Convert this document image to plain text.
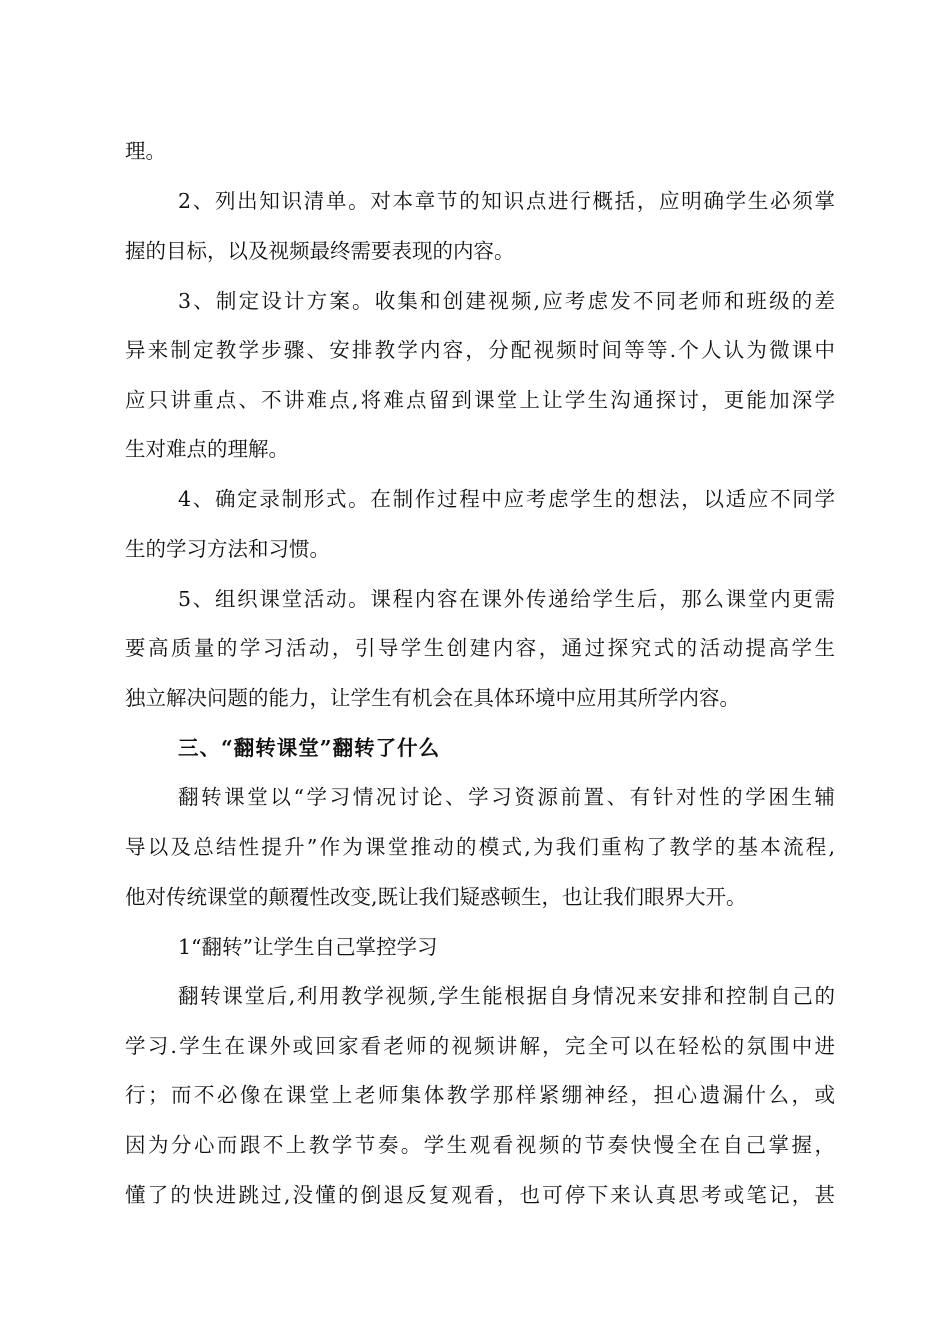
理。
2、列出知识清单。对本章节的知识点进行概括，应明确学生必须掌
握的目标，以及视频最终需要表现的内容。
3、制定设计方案。收集和创建视频,应考虑发不同老师和班级的差
异来制定教学步骤、安排教学内容，分配视频时间等等.个人认为微课中
应只讲重点、不讲难点,将难点留到课堂上让学生沟通探讨，更能加深学
生对难点的理解。
4、确定录制形式。在制作过程中应考虑学生的想法，以适应不同学
生的学习方法和习惯。
5、组织课堂活动。课程内容在课外传递给学生后，那么课堂内更需
要高质量的学习活动，引导学生创建内容，通过探究式的活动提高学生
独立解决问题的能力，让学生有机会在具体环境中应用其所学内容。
三、“翻转课堂”翻转了什么
翻转课堂以“学习情况讨论、学习资源前置、有针对性的学困生辅
导以及总结性提升”作为课堂推动的模式,为我们重构了教学的基本流程,
他对传统课堂的颠覆性改变,既让我们疑惑顿生，也让我们眼界大开。
1“翻转”让学生自己掌控学习
翻转课堂后,利用教学视频,学生能根据自身情况来安排和控制自己的
学习.学生在课外或回家看老师的视频讲解，完全可以在轻松的氛围中进
行；而不必像在课堂上老师集体教学那样紧绷神经，担心遗漏什么，或
因为分心而跟不上教学节奏。学生观看视频的节奏快慢全在自己掌握，
懂了的快进跳过,没懂的倒退反复观看，也可停下来认真思考或笔记，甚
